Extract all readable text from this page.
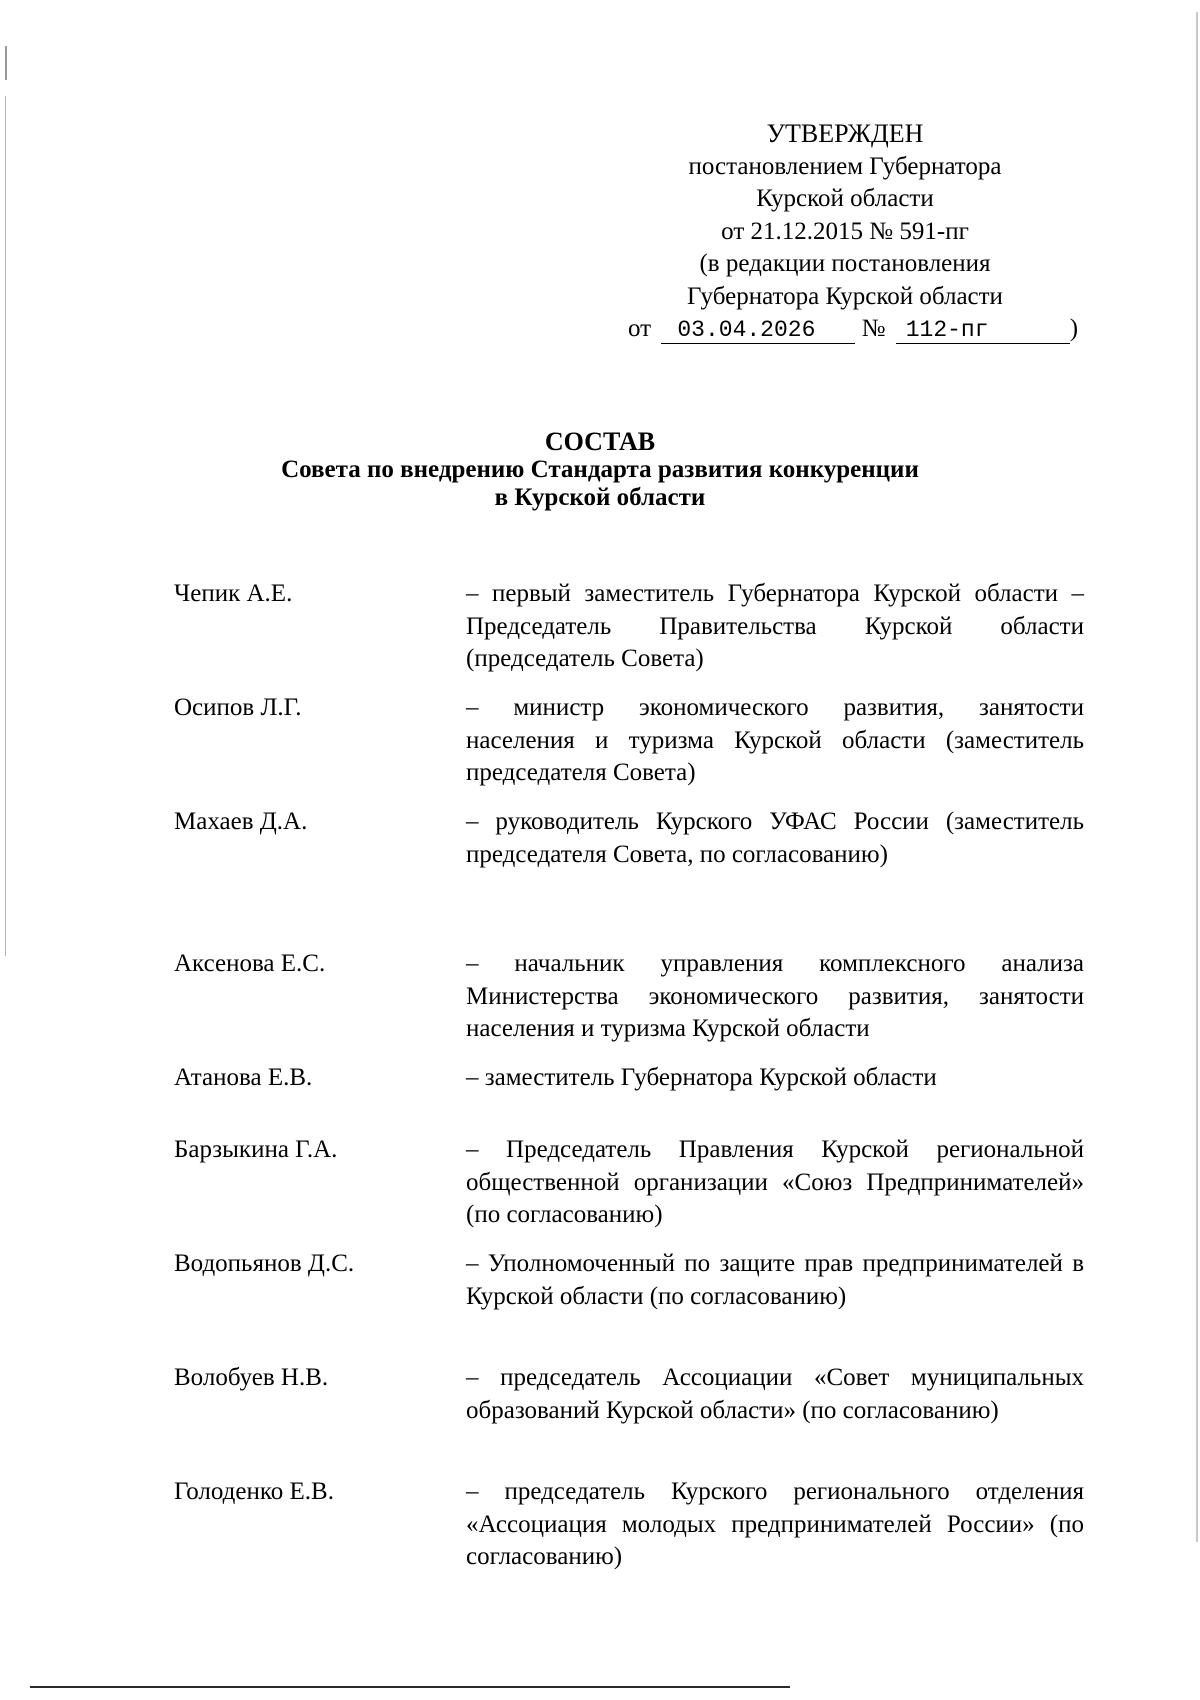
УТВЕРЖДЕН
постановлением Губернатора
Курской области
от 21.12.2015 № 591-пг
(в редакции постановления
Губернатора Курской области
от 03.04.2026 № 112-пг	)
СОСТАВ
Совета по внедрению Стандарта развития конкуренции
в Курской области
Чепик А.Е.	– первый заместитель Губернатора Курской области – Председатель Правительства Курской области (председатель Совета)
Осипов Л.Г.	– министр экономического развития, занятости населения и туризма Курской области (заместитель председателя Совета)
Махаев Д.А.	– руководитель Курского УФАС России (заместитель председателя Совета, по согласованию)
Аксенова Е.С.	– начальник управления комплексного анализа Министерства экономического развития, занятости населения и туризма Курской области
Атанова Е.В.	– заместитель Губернатора Курской области
Барзыкина Г.А.	– Председатель Правления Курской региональной общественной организации «Союз Предпринимателей» (по согласованию)
Водопьянов Д.С.	– Уполномоченный по защите прав предпринимателей в Курской области (по согласованию)
Волобуев Н.В.	– председатель Ассоциации «Совет муниципальных образований Курской области» (по согласованию)
Голоденко Е.В.	– председатель Курского регионального отделения «Ассоциация молодых предпринимателей России» (по согласованию)
